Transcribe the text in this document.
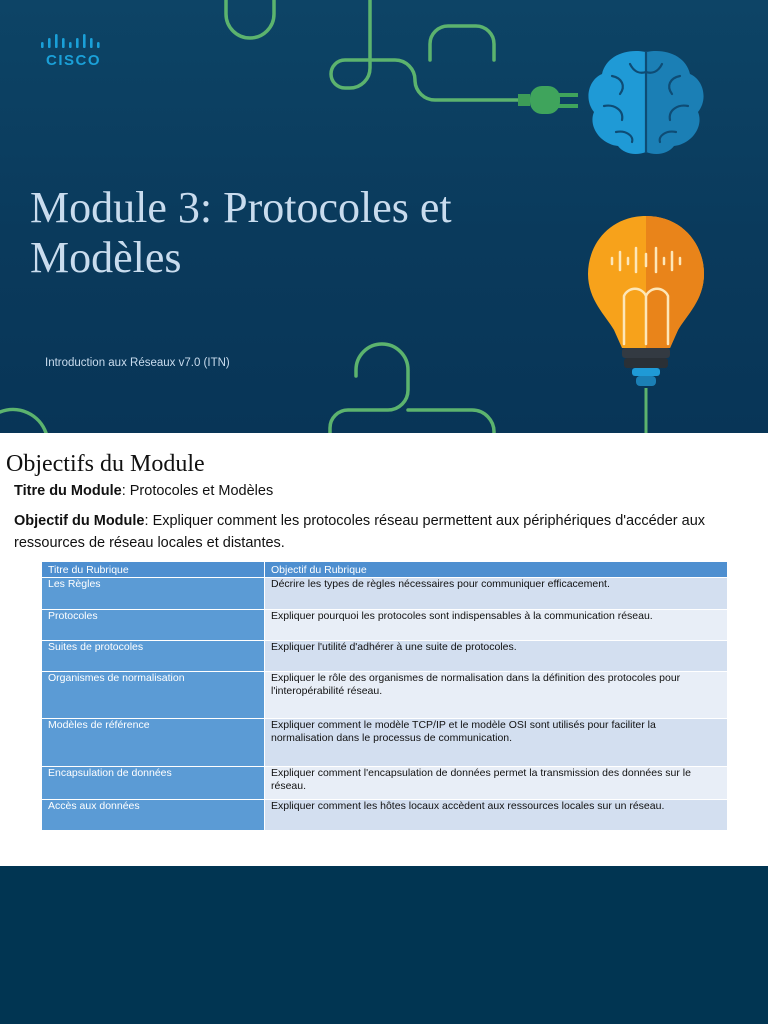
CISCO
Module 3: Protocoles et Modèles
Introduction aux Réseaux v7.0 (ITN)
Objectifs du Module

Titre du Module: Protocoles et Modèles

Objectif du Module: Expliquer comment les protocoles réseau permettent aux périphériques d'accéder aux ressources de réseau locales et distantes.

Titre du Rubrique	Objectif du Rubrique
Les Règles	Décrire les types de règles nécessaires pour communiquer efficacement.
Protocoles	Expliquer pourquoi les protocoles sont indispensables à la communication réseau.
Suites de protocoles	Expliquer l'utilité d'adhérer à une suite de protocoles.
Organismes de normalisation	Expliquer le rôle des organismes de normalisation dans la définition des protocoles pour l'interopérabilité réseau.
Modèles de référence	Expliquer comment le modèle TCP/IP et le modèle OSI sont utilisés pour faciliter la normalisation dans le processus de communication.
Encapsulation de données	Expliquer comment l'encapsulation de données permet la transmission des données sur le réseau.
Accès aux données	Expliquer comment les hôtes locaux accèdent aux ressources locales sur un réseau.
